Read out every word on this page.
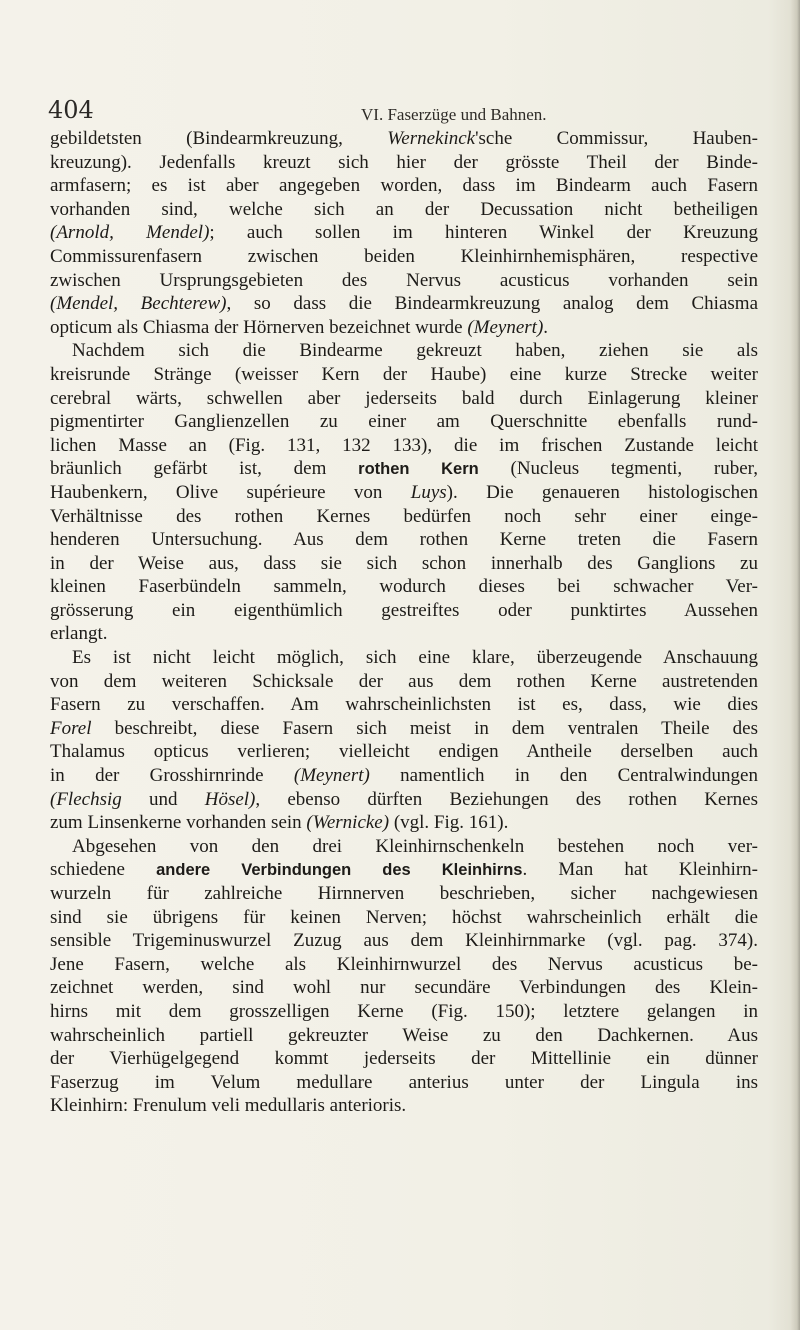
404	VI. Faserzüge und Bahnen.
gebildetsten (Bindearmkreuzung, Wernekinck'sche Commissur, Hauben-
kreuzung). Jedenfalls kreuzt sich hier der grösste Theil der Binde-
armfasern; es ist aber angegeben worden, dass im Bindearm auch Fasern
vorhanden sind, welche sich an der Decussation nicht betheiligen
(Arnold, Mendel); auch sollen im hinteren Winkel der Kreuzung
Commissurenfasern zwischen beiden Kleinhirnhemisphären, respective
zwischen Ursprungsgebieten des Nervus acusticus vorhanden sein
(Mendel, Bechterew), so dass die Bindearmkreuzung analog dem Chiasma
opticum als Chiasma der Hörnerven bezeichnet wurde (Meynert).
Nachdem sich die Bindearme gekreuzt haben, ziehen sie als
kreisrunde Stränge (weisser Kern der Haube) eine kurze Strecke weiter
cerebral wärts, schwellen aber jederseits bald durch Einlagerung kleiner
pigmentirter Ganglienzellen zu einer am Querschnitte ebenfalls rund-
lichen Masse an (Fig. 131, 132 133), die im frischen Zustande leicht
bräunlich gefärbt ist, dem rothen Kern (Nucleus tegmenti, ruber,
Haubenkern, Olive supérieure von Luys). Die genaueren histologischen
Verhältnisse des rothen Kernes bedürfen noch sehr einer einge-
henderen Untersuchung. Aus dem rothen Kerne treten die Fasern
in der Weise aus, dass sie sich schon innerhalb des Ganglions zu
kleinen Faserbündeln sammeln, wodurch dieses bei schwacher Ver-
grösserung ein eigenthümlich gestreiftes oder punktirtes Aussehen
erlangt.
Es ist nicht leicht möglich, sich eine klare, überzeugende Anschauung
von dem weiteren Schicksale der aus dem rothen Kerne austretenden
Fasern zu verschaffen. Am wahrscheinlichsten ist es, dass, wie dies
Forel beschreibt, diese Fasern sich meist in dem ventralen Theile des
Thalamus opticus verlieren; vielleicht endigen Antheile derselben auch
in der Grosshirnrinde (Meynert) namentlich in den Centralwindungen
(Flechsig und Hösel), ebenso dürften Beziehungen des rothen Kernes
zum Linsenkerne vorhanden sein (Wernicke) (vgl. Fig. 161).
Abgesehen von den drei Kleinhirnschenkeln bestehen noch ver-
schiedene andere Verbindungen des Kleinhirns. Man hat Kleinhirn-
wurzeln für zahlreiche Hirnnerven beschrieben, sicher nachgewiesen
sind sie übrigens für keinen Nerven; höchst wahrscheinlich erhält die
sensible Trigeminuswurzel Zuzug aus dem Kleinhirnmarke (vgl. pag. 374).
Jene Fasern, welche als Kleinhirnwurzel des Nervus acusticus be-
zeichnet werden, sind wohl nur secundäre Verbindungen des Klein-
hirns mit dem grosszelligen Kerne (Fig. 150); letztere gelangen in
wahrscheinlich partiell gekreuzter Weise zu den Dachkernen. Aus
der Vierhügelgegend kommt jederseits der Mittellinie ein dünner
Faserzug im Velum medullare anterius unter der Lingula ins
Kleinhirn: Frenulum veli medullaris anterioris.
